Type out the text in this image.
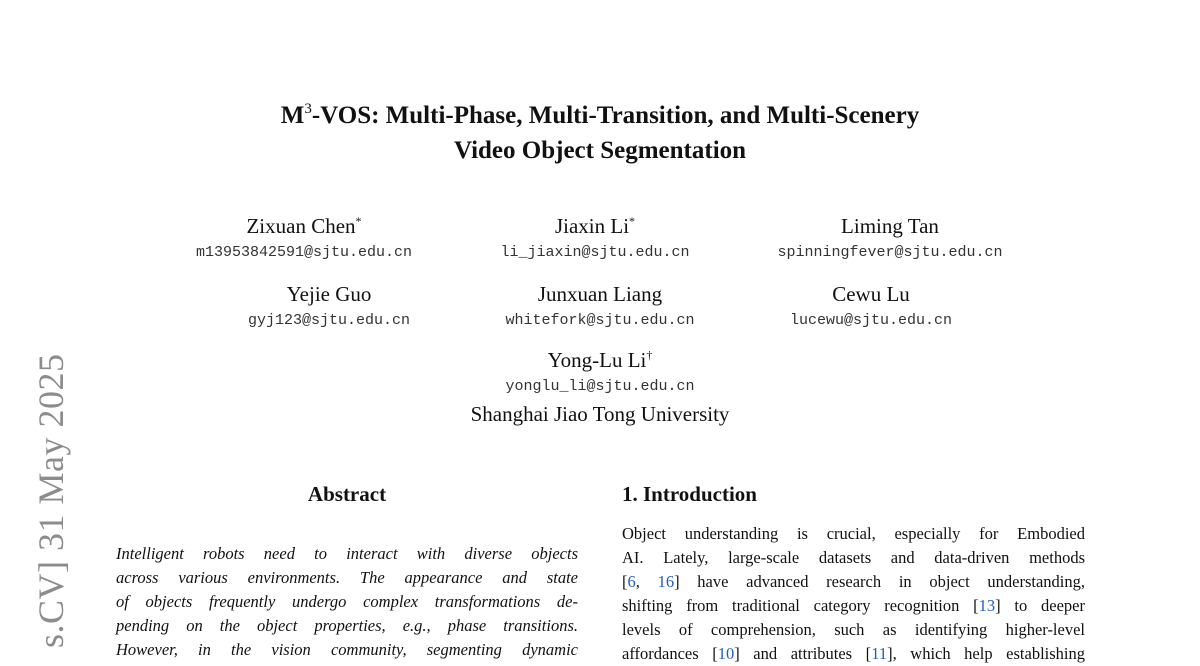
s.CV] 31 May 2025
$M^3$-VOS: Multi-Phase, Multi-Transition, and Multi-Scenery
Video Object Segmentation
Zixuan Chen*
m13953842591@sjtu.edu.cn
Jiaxin Li*
li_jiaxin@sjtu.edu.cn
Liming Tan
spinningfever@sjtu.edu.cn
Yejie Guo
gyj123@sjtu.edu.cn
Junxuan Liang
whitefork@sjtu.edu.cn
Cewu Lu
lucewu@sjtu.edu.cn
Yong-Lu Li†
yonglu_li@sjtu.edu.cn
Shanghai Jiao Tong University
Abstract
Intelligent robots need to interact with diverse objects
across various environments. The appearance and state
of objects frequently undergo complex transformations de-
pending on the object properties, e.g., phase transitions.
However, in the vision community, segmenting dynamic
1. Introduction
Object understanding is crucial, especially for Embodied
AI. Lately, large-scale datasets and data-driven methods
[6, 16] have advanced research in object understanding,
shifting from traditional category recognition [13] to deeper
levels of comprehension, such as identifying higher-level
affordances [10] and attributes [11], which help establishing
